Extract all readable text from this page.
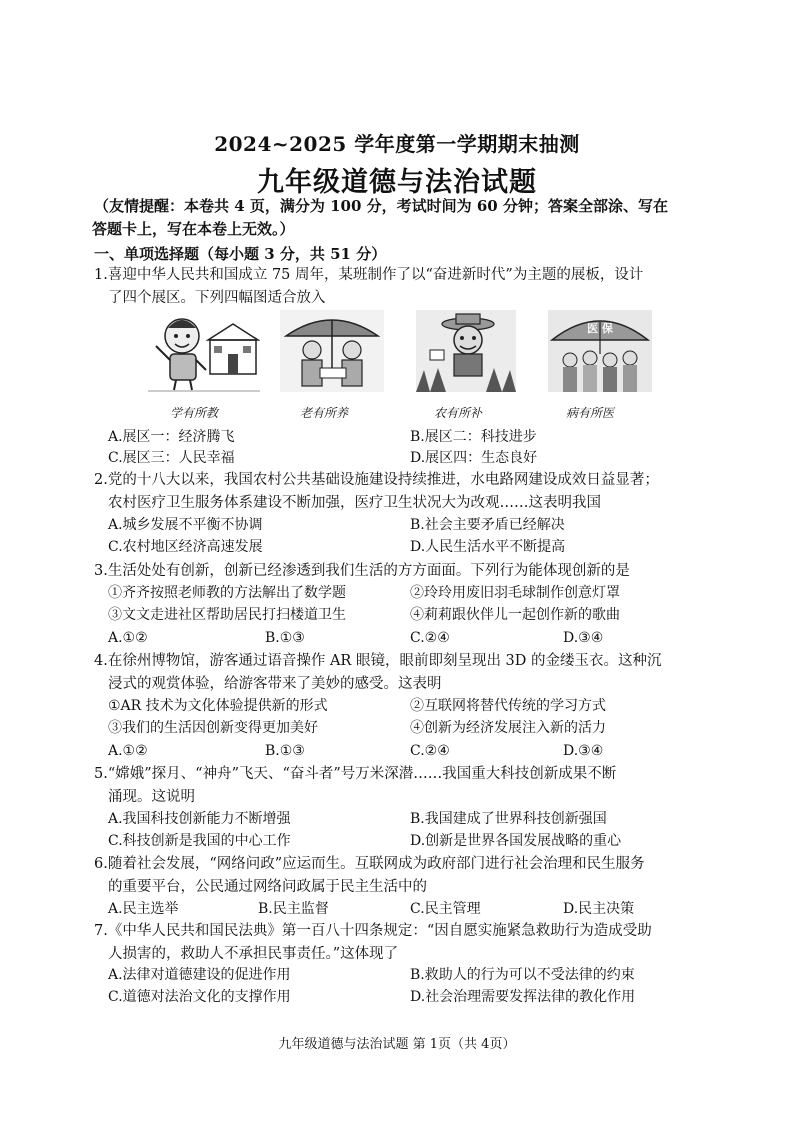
2024~2025 学年度第一学期期末抽测
九年级道德与法治试题
（友情提醒：本卷共 4 页，满分为 100 分，考试时间为 60 分钟；答案全部涂、写在
答题卡上，写在本卷上无效。）
一、单项选择题（每小题 3 分，共 51 分）
1.喜迎中华人民共和国成立 75 周年，某班制作了以“奋进新时代”为主题的展板，设计
了四个展区。下列四幅图适合放入
学有所教	老有所养	农有所补
医 保
病有所医
A.展区一：经济腾飞	B.展区二：科技进步
C.展区三：人民幸福	D.展区四：生态良好
2.党的十八大以来，我国农村公共基础设施建设持续推进，水电路网建设成效日益显著；
农村医疗卫生服务体系建设不断加强，医疗卫生状况大为改观……这表明我国
A.城乡发展不平衡不协调	B.社会主要矛盾已经解决
C.农村地区经济高速发展	D.人民生活水平不断提高
3.生活处处有创新，创新已经渗透到我们生活的方方面面。下列行为能体现创新的是
①齐齐按照老师教的方法解出了数学题	②玲玲用废旧羽毛球制作创意灯罩
③文文走进社区帮助居民打扫楼道卫生	④莉莉跟伙伴儿一起创作新的歌曲
A.①②	B.①③	C.②④	D.③④
4.在徐州博物馆，游客通过语音操作 AR 眼镜，眼前即刻呈现出 3D 的金缕玉衣。这种沉
浸式的观赏体验，给游客带来了美妙的感受。这表明
①AR 技术为文化体验提供新的形式	②互联网将替代传统的学习方式
③我们的生活因创新变得更加美好	④创新为经济发展注入新的活力
A.①②	B.①③	C.②④	D.③④
5.“嫦娥”探月、“神舟”飞天、“奋斗者”号万米深潜……我国重大科技创新成果不断
涌现。这说明
A.我国科技创新能力不断增强	B.我国建成了世界科技创新强国
C.科技创新是我国的中心工作	D.创新是世界各国发展战略的重心
6.随着社会发展，“网络问政”应运而生。互联网成为政府部门进行社会治理和民生服务
的重要平台，公民通过网络问政属于民主生活中的
A.民主选举	B.民主监督	C.民主管理	D.民主决策
7.《中华人民共和国民法典》第一百八十四条规定：“因自愿实施紧急救助行为造成受助
人损害的，救助人不承担民事责任。”这体现了
A.法律对道德建设的促进作用	B.救助人的行为可以不受法律的约束
C.道德对法治文化的支撑作用	D.社会治理需要发挥法律的教化作用
九年级道德与法治试题 第 1页（共 4页）
